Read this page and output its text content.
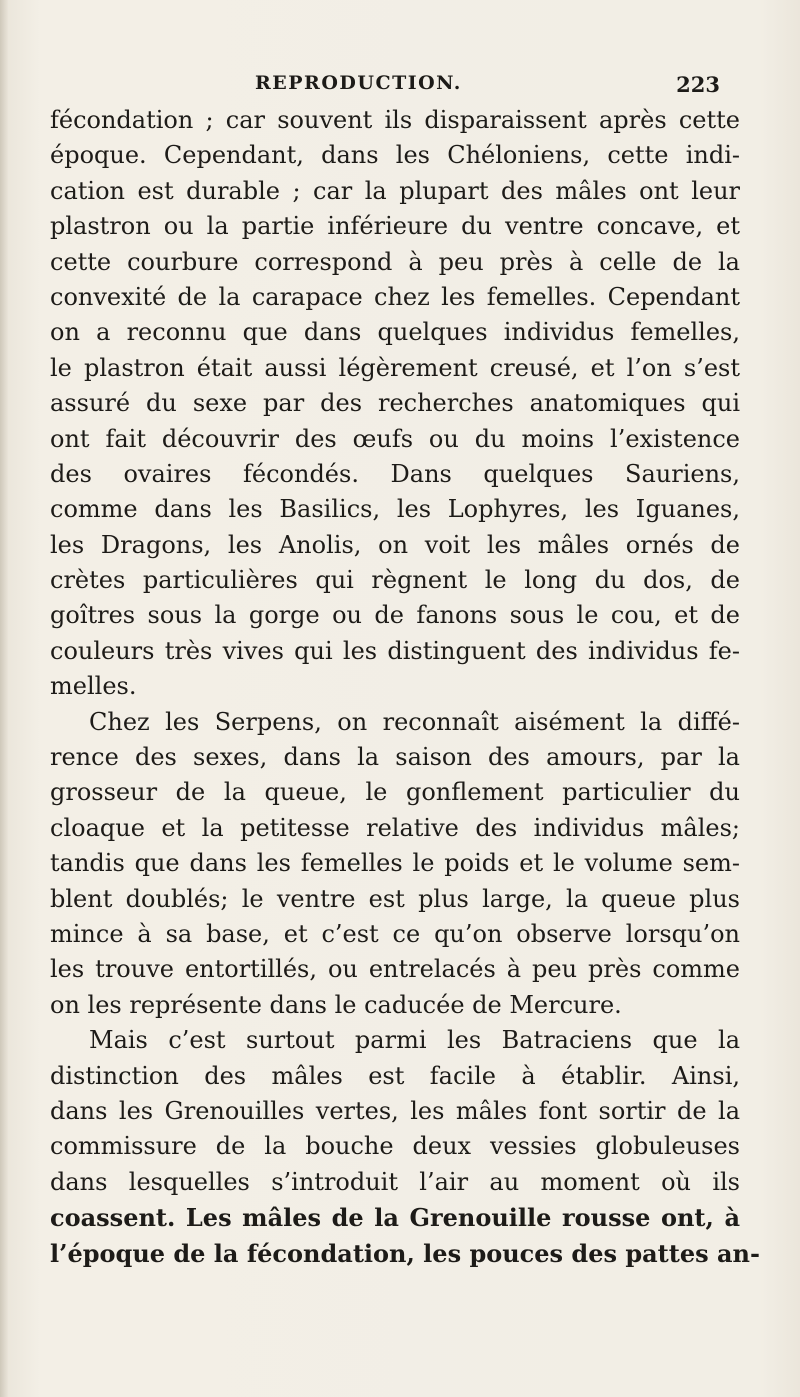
REPRODUCTION.	223
fécondation ; car souvent ils disparaissent après cette
époque. Cependant, dans les Chéloniens, cette indi-
cation est durable ; car la plupart des mâles ont leur
plastron ou la partie inférieure du ventre concave, et
cette courbure correspond à peu près à celle de la
convexité de la carapace chez les femelles. Cependant
on a reconnu que dans quelques individus femelles,
le plastron était aussi légèrement creusé, et l’on s’est
assuré du sexe par des recherches anatomiques qui
ont fait découvrir des œufs ou du moins l’existence
des ovaires fécondés. Dans quelques Sauriens,
comme dans les Basilics, les Lophyres, les Iguanes,
les Dragons, les Anolis, on voit les mâles ornés de
crètes particulières qui règnent le long du dos, de
goîtres sous la gorge ou de fanons sous le cou, et de
couleurs très vives qui les distinguent des individus fe-
melles.
Chez les Serpens, on reconnaît aisément la diffé-
rence des sexes, dans la saison des amours, par la
grosseur de la queue, le gonflement particulier du
cloaque et la petitesse relative des individus mâles;
tandis que dans les femelles le poids et le volume sem-
blent doublés; le ventre est plus large, la queue plus
mince à sa base, et c’est ce qu’on observe lorsqu’on
les trouve entortillés, ou entrelacés à peu près comme
on les représente dans le caducée de Mercure.
Mais c’est surtout parmi les Batraciens que la
distinction des mâles est facile à établir. Ainsi,
dans les Grenouilles vertes, les mâles font sortir de la
commissure de la bouche deux vessies globuleuses
dans lesquelles s’introduit l’air au moment où ils
coassent. Les mâles de la Grenouille rousse ont, à
l’époque de la fécondation, les pouces des pattes an-
